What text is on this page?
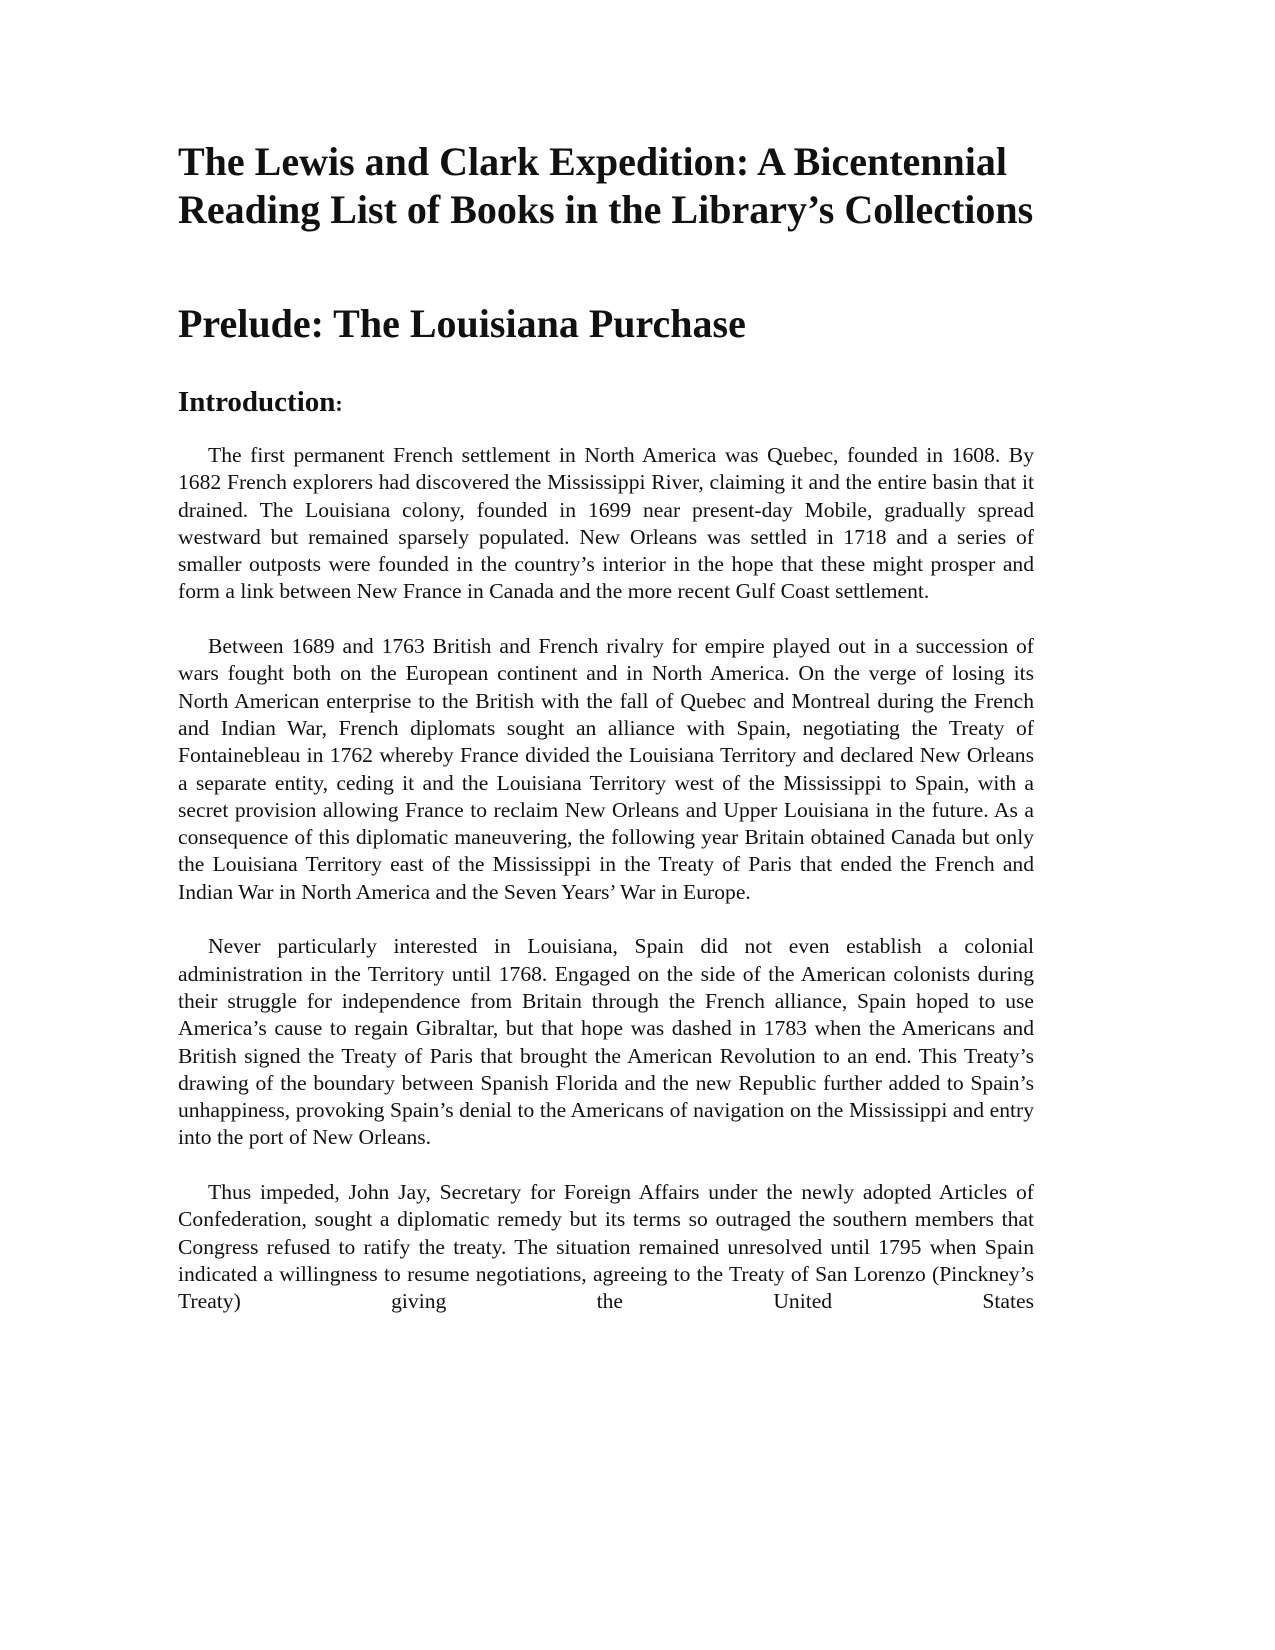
The Lewis and Clark Expedition: A Bicentennial
Reading List of Books in the Library’s Collections
Prelude: The Louisiana Purchase
Introduction:

The first permanent French settlement in North America was Quebec, founded in 1608. By 1682 French explorers had discovered the Mississippi River, claiming it and the entire basin that it drained. The Louisiana colony, founded in 1699 near present-day Mobile, gradually spread westward but remained sparsely populated. New Orleans was settled in 1718 and a series of smaller outposts were founded in the country’s interior in the hope that these might prosper and form a link between New France in Canada and the more recent Gulf Coast settlement.

Between 1689 and 1763 British and French rivalry for empire played out in a succession of wars fought both on the European continent and in North America. On the verge of losing its North American enterprise to the British with the fall of Quebec and Montreal during the French and Indian War, French diplomats sought an alliance with Spain, negotiating the Treaty of Fontainebleau in 1762 whereby France divided the Louisiana Territory and declared New Orleans a separate entity, ceding it and the Louisiana Territory west of the Mississippi to Spain, with a secret provision allowing France to reclaim New Orleans and Upper Louisiana in the future. As a consequence of this diplomatic maneuvering, the following year Britain obtained Canada but only the Louisiana Territory east of the Mississippi in the Treaty of Paris that ended the French and Indian War in North America and the Seven Years’ War in Europe.

Never particularly interested in Louisiana, Spain did not even establish a colonial administration in the Territory until 1768. Engaged on the side of the American colonists during their struggle for independence from Britain through the French alliance, Spain hoped to use America’s cause to regain Gibraltar, but that hope was dashed in 1783 when the Americans and British signed the Treaty of Paris that brought the American Revolution to an end. This Treaty’s drawing of the boundary between Spanish Florida and the new Republic further added to Spain’s unhappiness, provoking Spain’s denial to the Americans of navigation on the Mississippi and entry into the port of New Orleans.

Thus impeded, John Jay, Secretary for Foreign Affairs under the newly adopted Articles of Confederation, sought a diplomatic remedy but its terms so outraged the southern members that Congress refused to ratify the treaty. The situation remained unresolved until 1795 when Spain indicated a willingness to resume negotiations, agreeing to the Treaty of San Lorenzo (Pinckney’s Treaty) giving the United States
